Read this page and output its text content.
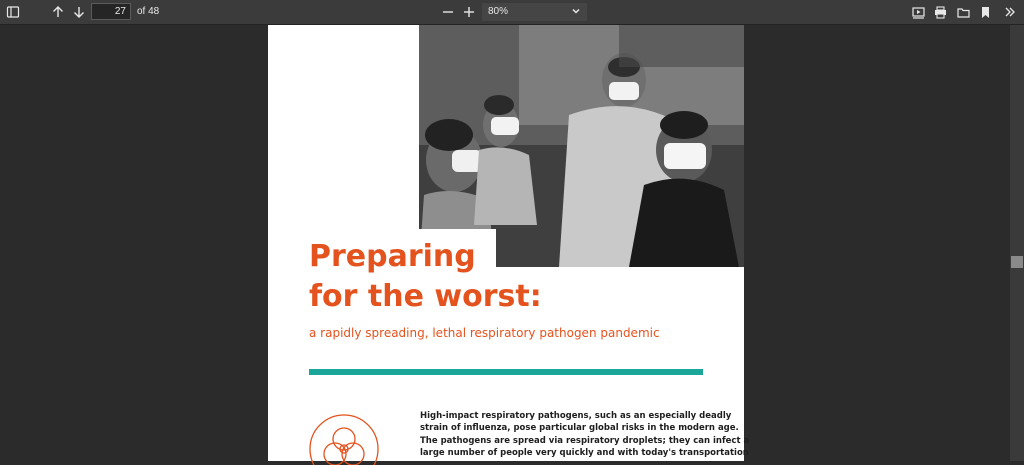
27
of 48	80%
Preparing
for the worst:
a rapidly spreading, lethal respiratory pathogen pandemic
High-impact respiratory pathogens, such as an especially deadly
strain of influenza, pose particular global risks in the modern age.
The pathogens are spread via respiratory droplets; they can infect a
large number of people very quickly and with today's transportation
